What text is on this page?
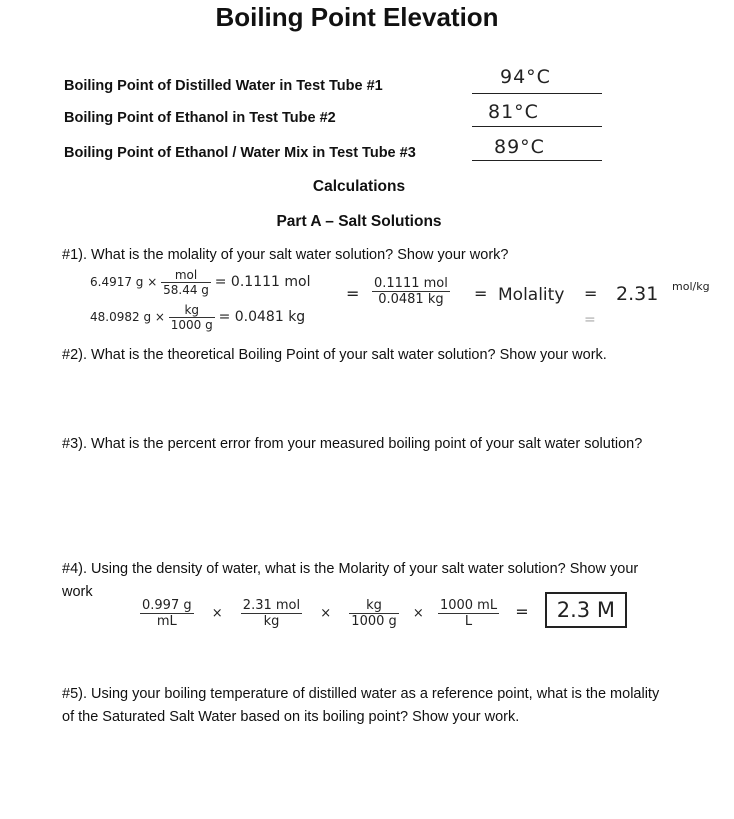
Boiling Point Elevation
Boiling Point of Distilled Water in Test Tube #1	94°C
Boiling Point of Ethanol in Test Tube #2	81°C
Boiling Point of Ethanol / Water Mix in Test Tube #3	89°C
Calculations
Part A – Salt Solutions
#1). What is the molality of your salt water solution? Show your work?
6.4917 $g \times \frac{\text{mol}}{58.44 g} = 0.1111$ mol
48.0982 $g \times \frac{kg}{1000 g} = 0.0481$ kg
= $\frac{\text{0.1111 mol}}{0.0481 kg}$ = Molality = 2.31 mol/kg
=
#2). What is the theoretical Boiling Point of your salt water solution? Show your work.
#3). What is the percent error from your measured boiling point of your salt water solution?
#4). Using the density of water, what is the Molarity of your salt water solution? Show your work
$\frac{0.997 g}{mL} \times \frac{\text{2.31 mol}}{kg} \times \frac{kg}{1000 g} \times \frac{1000 mL}{L} = 2.3$ M
#5). Using your boiling temperature of distilled water as a reference point, what is the molality of the Saturated Salt Water based on its boiling point? Show your work.
